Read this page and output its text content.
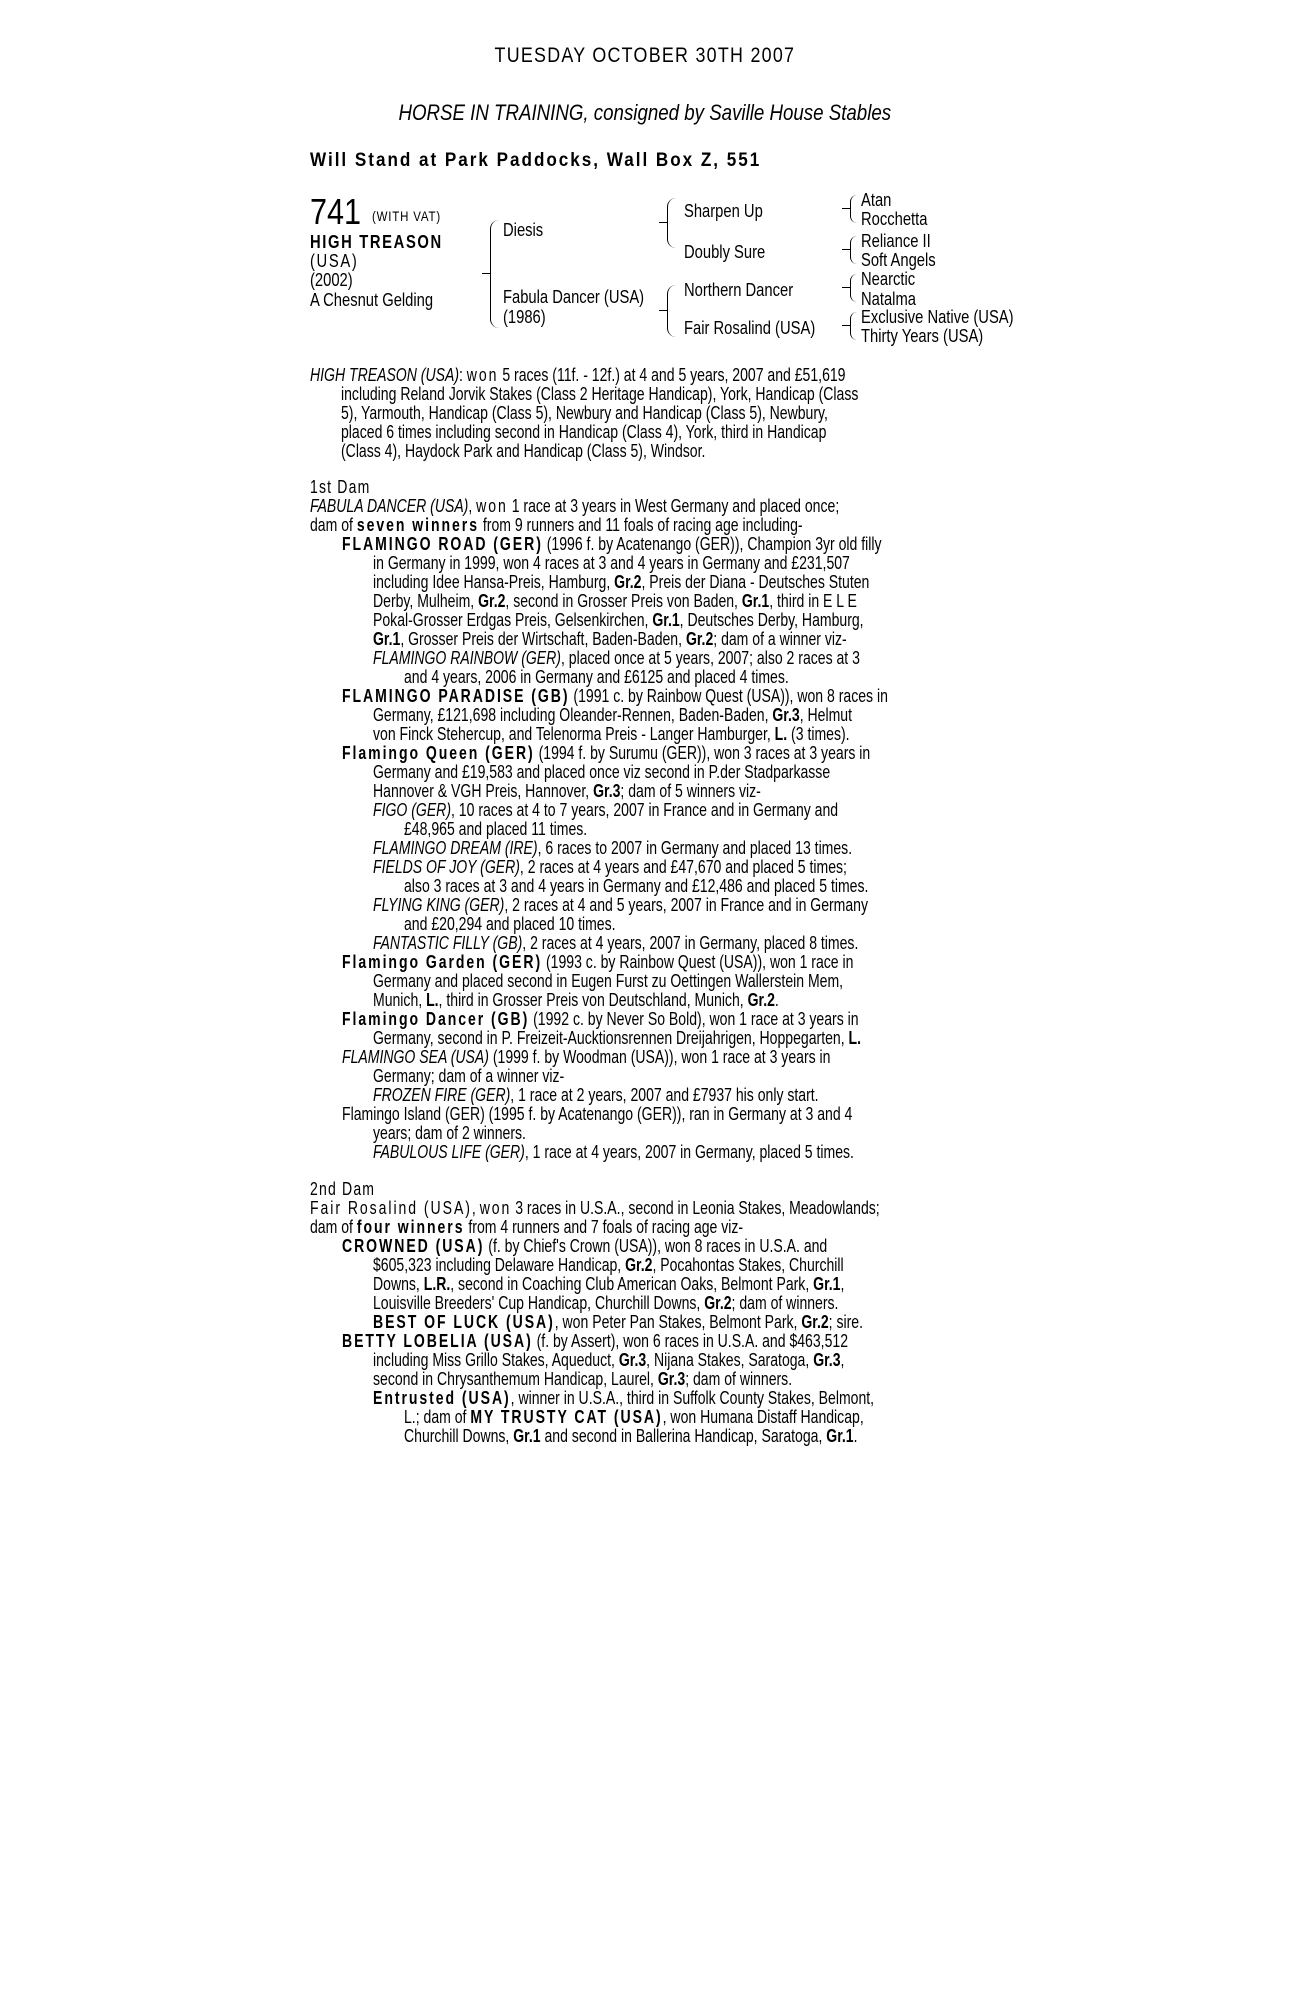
TUESDAY OCTOBER 30TH 2007
HORSE IN TRAINING, consigned by Saville House Stables
Will Stand at Park Paddocks, Wall Box Z, 551
741 (WITH VAT)
HIGH TREASON
(USA)
(2002)
A Chesnut Gelding
Diesis
Fabula Dancer (USA)
(1986)
Sharpen Up
Doubly Sure
Northern Dancer
Fair Rosalind (USA)
Atan
Rocchetta
Reliance II
Soft Angels
Nearctic
Natalma
Exclusive Native (USA)
Thirty Years (USA)
HIGH TREASON (USA): won 5 races (11f. - 12f.) at 4 and 5 years, 2007 and £51,619
including Reland Jorvik Stakes (Class 2 Heritage Handicap), York, Handicap (Class
5), Yarmouth, Handicap (Class 5), Newbury and Handicap (Class 5), Newbury,
placed 6 times including second in Handicap (Class 4), York, third in Handicap
(Class 4), Haydock Park and Handicap (Class 5), Windsor.
1st Dam
FABULA DANCER (USA), won 1 race at 3 years in West Germany and placed once;
dam of seven winners from 9 runners and 11 foals of racing age including-
FLAMINGO ROAD (GER) (1996 f. by Acatenango (GER)), Champion 3yr old filly
in Germany in 1999, won 4 races at 3 and 4 years in Germany and £231,507
including Idee Hansa-Preis, Hamburg, Gr.2, Preis der Diana - Deutsches Stuten
Derby, Mulheim, Gr.2, second in Grosser Preis von Baden, Gr.1, third in E L E
Pokal-Grosser Erdgas Preis, Gelsenkirchen, Gr.1, Deutsches Derby, Hamburg,
Gr.1, Grosser Preis der Wirtschaft, Baden-Baden, Gr.2; dam of a winner viz-
FLAMINGO RAINBOW (GER), placed once at 5 years, 2007; also 2 races at 3
and 4 years, 2006 in Germany and £6125 and placed 4 times.
FLAMINGO PARADISE (GB) (1991 c. by Rainbow Quest (USA)), won 8 races in
Germany, £121,698 including Oleander-Rennen, Baden-Baden, Gr.3, Helmut
von Finck Stehercup, and Telenorma Preis - Langer Hamburger, L. (3 times).
Flamingo Queen (GER) (1994 f. by Surumu (GER)), won 3 races at 3 years in
Germany and £19,583 and placed once viz second in P.der Stadparkasse
Hannover & VGH Preis, Hannover, Gr.3; dam of 5 winners viz-
FIGO (GER), 10 races at 4 to 7 years, 2007 in France and in Germany and
£48,965 and placed 11 times.
FLAMINGO DREAM (IRE), 6 races to 2007 in Germany and placed 13 times.
FIELDS OF JOY (GER), 2 races at 4 years and £47,670 and placed 5 times;
also 3 races at 3 and 4 years in Germany and £12,486 and placed 5 times.
FLYING KING (GER), 2 races at 4 and 5 years, 2007 in France and in Germany
and £20,294 and placed 10 times.
FANTASTIC FILLY (GB), 2 races at 4 years, 2007 in Germany, placed 8 times.
Flamingo Garden (GER) (1993 c. by Rainbow Quest (USA)), won 1 race in
Germany and placed second in Eugen Furst zu Oettingen Wallerstein Mem,
Munich, L., third in Grosser Preis von Deutschland, Munich, Gr.2.
Flamingo Dancer (GB) (1992 c. by Never So Bold), won 1 race at 3 years in
Germany, second in P. Freizeit-Aucktionsrennen Dreijahrigen, Hoppegarten, L.
FLAMINGO SEA (USA) (1999 f. by Woodman (USA)), won 1 race at 3 years in
Germany; dam of a winner viz-
FROZEN FIRE (GER), 1 race at 2 years, 2007 and £7937 his only start.
Flamingo Island (GER) (1995 f. by Acatenango (GER)), ran in Germany at 3 and 4
years; dam of 2 winners.
FABULOUS LIFE (GER), 1 race at 4 years, 2007 in Germany, placed 5 times.
2nd Dam
Fair Rosalind (USA), won 3 races in U.S.A., second in Leonia Stakes, Meadowlands;
dam of four winners from 4 runners and 7 foals of racing age viz-
CROWNED (USA) (f. by Chief's Crown (USA)), won 8 races in U.S.A. and
$605,323 including Delaware Handicap, Gr.2, Pocahontas Stakes, Churchill
Downs, L.R., second in Coaching Club American Oaks, Belmont Park, Gr.1,
Louisville Breeders' Cup Handicap, Churchill Downs, Gr.2; dam of winners.
BEST OF LUCK (USA), won Peter Pan Stakes, Belmont Park, Gr.2; sire.
BETTY LOBELIA (USA) (f. by Assert), won 6 races in U.S.A. and $463,512
including Miss Grillo Stakes, Aqueduct, Gr.3, Nijana Stakes, Saratoga, Gr.3,
second in Chrysanthemum Handicap, Laurel, Gr.3; dam of winners.
Entrusted (USA), winner in U.S.A., third in Suffolk County Stakes, Belmont,
L.; dam of MY TRUSTY CAT (USA), won Humana Distaff Handicap,
Churchill Downs, Gr.1 and second in Ballerina Handicap, Saratoga, Gr.1.
